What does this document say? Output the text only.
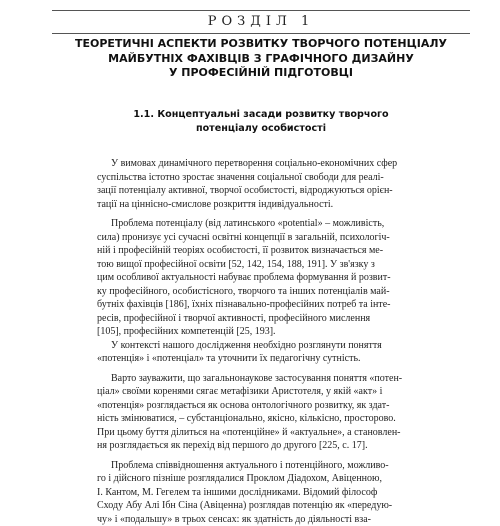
РОЗДІЛ 1
ТЕОРЕТИЧНІ АСПЕКТИ РОЗВИТКУ ТВОРЧОГО ПОТЕНЦІАЛУ
МАЙБУТНІХ ФАХІВЦІВ З ГРАФІЧНОГО ДИЗАЙНУ
У ПРОФЕСІЙНІЙ ПІДГОТОВЦІ
1.1. Концептуальні засади розвитку творчого
потенціалу особистості
У вимовах динамічного перетворення соціально-економічних сфер
суспільства істотно зростає значення соціальної свободи для реалі-
зації потенціалу активної, творчої особистості, відроджуються орієн-
тації на ціннісно-смислове розкриття індивідуальності.
Проблема потенціалу (від латинського «potential» – можливість,
сила) пронизує усі сучасні освітні концепції в загальній, психологіч-
ній і професійній теоріях особистості, її розвиток визначається ме-
тою вищої професійної освіти [52, 142, 154, 188, 191]. У зв'язку з
цим особливої актуальності набуває проблема формування й розвит-
ку професійного, особистісного, творчого та інших потенціалів май-
бутніх фахівців [186], їхніх пізнавально-професійних потреб та інте-
ресів, професійної і творчої активності, професійного мислення
[105], професійних компетенцій [25, 193].
У контексті нашого дослідження необхідно розглянути поняття
«потенція» і «потенціал» та уточнити їх педагогічну сутність.
Варто зауважити, що загальнонаукове застосування поняття «потен-
ціал» своїми коренями сягає метафізики Аристотеля, у якій «акт» і
«потенція» розглядається як основа онтологічного розвитку, як здат-
ність змінюватися, – субстанціонально, якісно, кількісно, просторово.
При цьому буття ділиться на «потенційне» й «актуальне», а становлен-
ня розглядається як перехід від першого до другого [225, с. 17].
Проблема співвідношення актуального і потенційного, можливо-
го і дійсного пізніше розглядалися Проклом Діадохом, Авіценною,
І. Кантом, М. Гегелем та іншими дослідниками. Відомий філософ
Сходу Абу Алі Ібн Сіна (Авіценна) розглядав потенцію як «передую-
чу» і «подальшу» в трьох сенсах: як здатність до діяльності вза-
